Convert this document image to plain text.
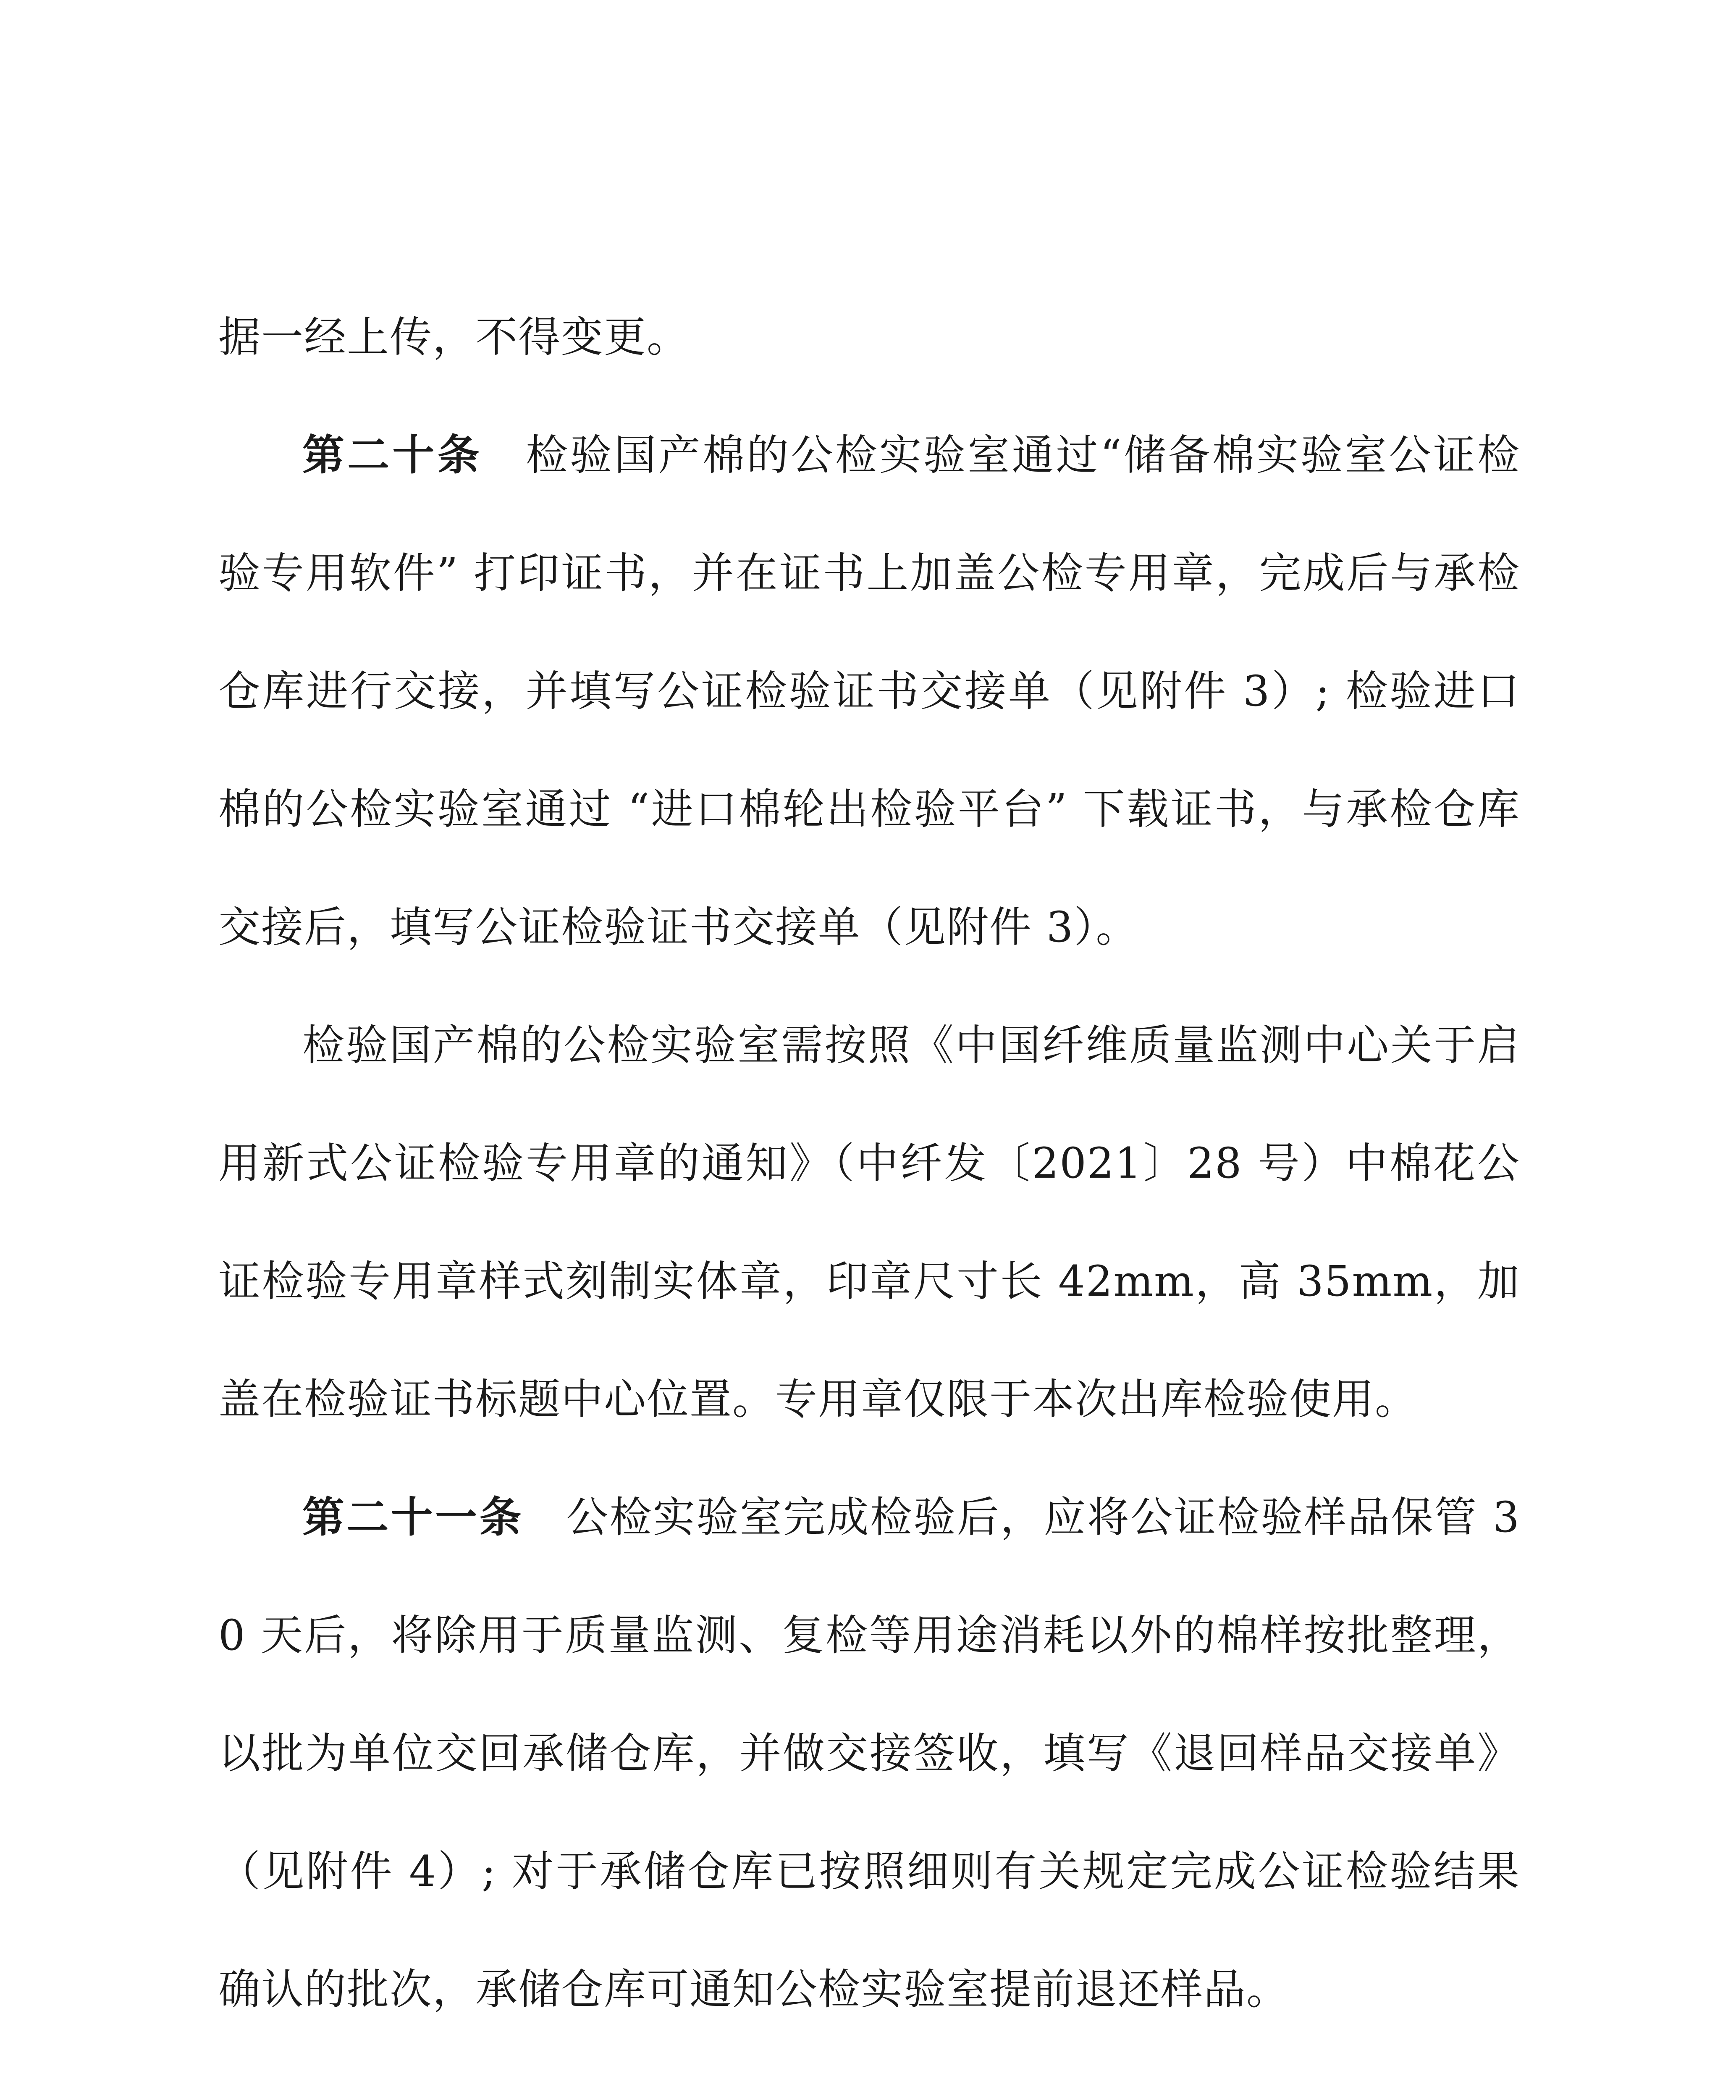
据一经上传，不得变更。

第二十条 检验国产棉的公检实验室通过“储备棉实验室公证检验专用软件” 打印证书，并在证书上加盖公检专用章，完成后与承检仓库进行交接，并填写公证检验证书交接单（见附件 3）; 检验进口棉的公检实验室通过 “进口棉轮出检验平台” 下载证书，与承检仓库交接后，填写公证检验证书交接单（见附件 3）。

检验国产棉的公检实验室需按照《中国纤维质量监测中心关于启用新式公证检验专用章的通知》（中纤发〔2021〕28 号）中棉花公证检验专用章样式刻制实体章，印章尺寸长 42mm，高 35mm，加盖在检验证书标题中心位置。专用章仅限于本次出库检验使用。

第二十一条 公检实验室完成检验后，应将公证检验样品保管 30 天后，将除用于质量监测、复检等用途消耗以外的棉样按批整理，以批为单位交回承储仓库，并做交接签收，填写《退回样品交接单》（见附件 4）; 对于承储仓库已按照细则有关规定完成公证检验结果确认的批次，承储仓库可通知公检实验室提前退还样品。
